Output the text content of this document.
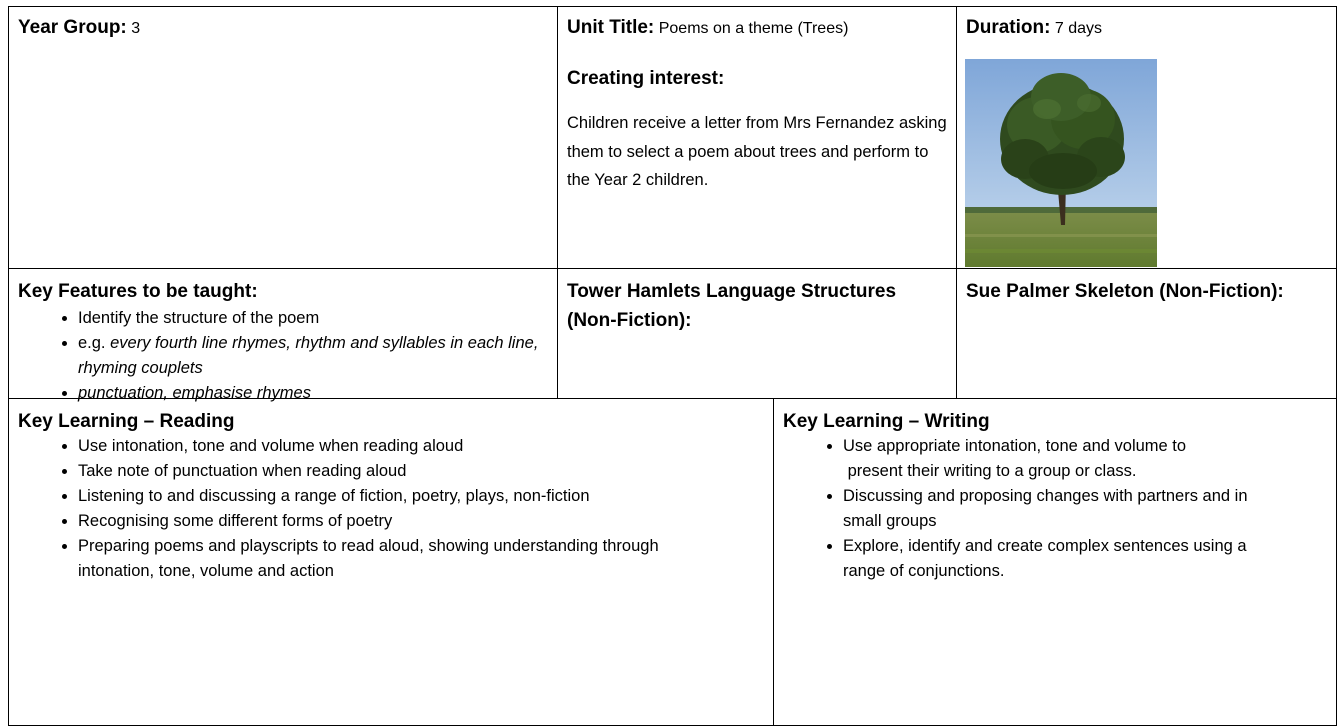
Year Group: 3	Unit Title: Poems on a theme (Trees)

Creating interest:

Children receive a letter from Mrs Fernandez asking them to select a poem about trees and perform to the Year 2 children.

Duration: 7 days

Key Features to be taught:

• Identify the structure of the poem
• e.g. every fourth line rhymes, rhythm and syllables in each line, rhyming couplets
• punctuation, emphasise rhymes

Tower Hamlets Language Structures (Non-Fiction):

Sue Palmer Skeleton (Non-Fiction):

Key Learning – Reading

• Use intonation, tone and volume when reading aloud
• Take note of punctuation when reading aloud
• Listening to and discussing a range of fiction, poetry, plays, non-fiction
• Recognising some different forms of poetry
• Preparing poems and playscripts to read aloud, showing understanding through intonation, tone, volume and action

Key Learning – Writing

• Use appropriate intonation, tone and volume to
present their writing to a group or class.
• Discussing and proposing changes with partners and in small groups
• Explore, identify and create complex sentences using a range of conjunctions.
